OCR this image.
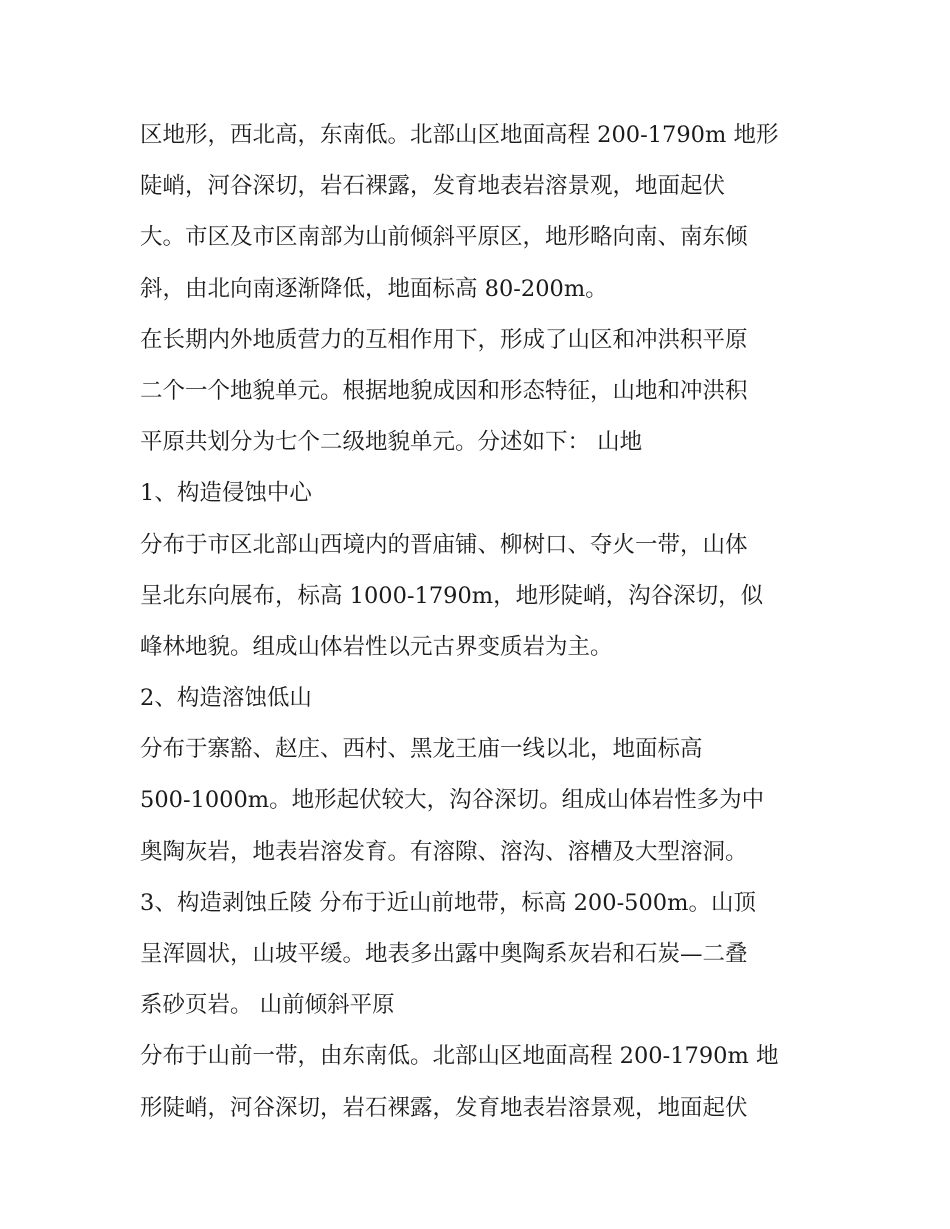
区地形，西北高，东南低。北部山区地面高程 200-1790m 地形
陡峭，河谷深切，岩石裸露，发育地表岩溶景观，地面起伏
大。市区及市区南部为山前倾斜平原区，地形略向南、南东倾
斜，由北向南逐渐降低，地面标高 80-200m。
在长期内外地质营力的互相作用下，形成了山区和冲洪积平原
二个一个地貌单元。根据地貌成因和形态特征，山地和冲洪积
平原共划分为七个二级地貌单元。分述如下： 山地
1、构造侵蚀中心
分布于市区北部山西境内的晋庙铺、柳树口、夺火一带，山体
呈北东向展布，标高 1000-1790m，地形陡峭，沟谷深切，似
峰林地貌。组成山体岩性以元古界变质岩为主。
2、构造溶蚀低山
分布于寨豁、赵庄、西村、黑龙王庙一线以北，地面标高
500-1000m。地形起伏较大，沟谷深切。组成山体岩性多为中
奥陶灰岩，地表岩溶发育。有溶隙、溶沟、溶槽及大型溶洞。
3、构造剥蚀丘陵 分布于近山前地带，标高 200-500m。山顶
呈浑圆状，山坡平缓。地表多出露中奥陶系灰岩和石炭—二叠
系砂页岩。 山前倾斜平原
分布于山前一带，由东南低。北部山区地面高程 200-1790m 地
形陡峭，河谷深切，岩石裸露，发育地表岩溶景观，地面起伏
